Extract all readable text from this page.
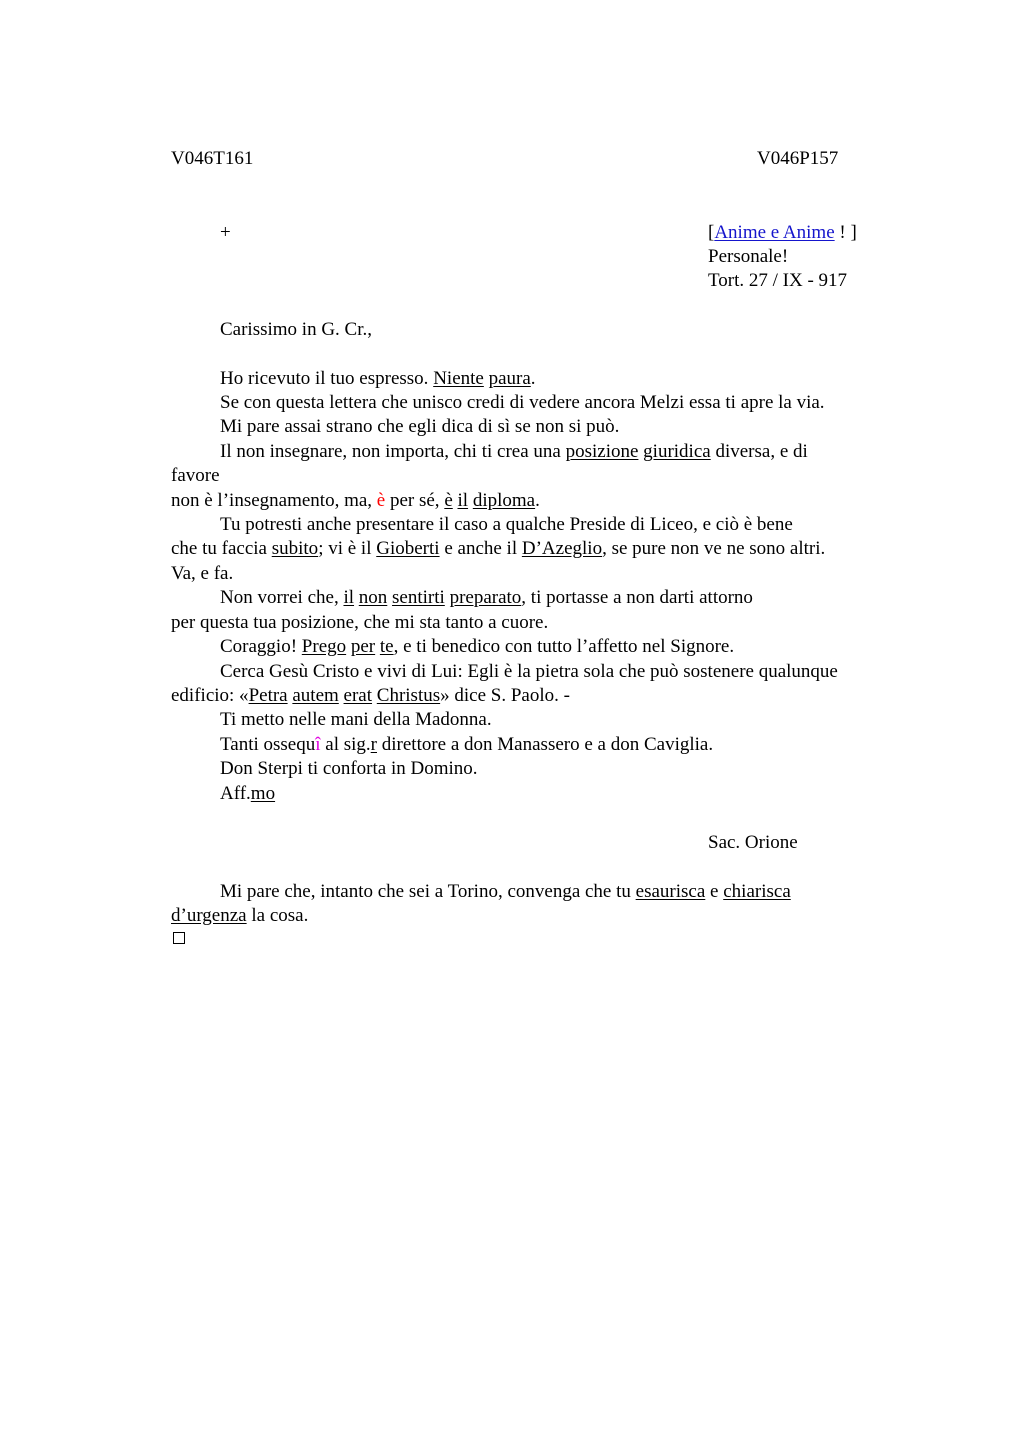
V046T161	V046P157
+	[Anime e Anime ! ]
Personale!
Tort. 27 / IX - 917
Carissimo in G. Cr.,
Ho ricevuto il tuo espresso. Niente paura.
Se con questa lettera che unisco credi di vedere ancora Melzi essa ti apre la via.
Mi pare assai strano che egli dica di sì se non si può.
Il non insegnare, non importa, chi ti crea una posizione giuridica diversa, e di
favore
non è l’insegnamento, ma, è per sé, è il diploma.
Tu potresti anche presentare il caso a qualche Preside di Liceo, e ciò è bene
che tu faccia subito; vi è il Gioberti e anche il D’Azeglio, se pure non ve ne sono altri.
Va, e fa.
Non vorrei che, il non sentirti preparato, ti portasse a non darti attorno
per questa tua posizione, che mi sta tanto a cuore.
Coraggio! Prego per te, e ti benedico con tutto l’affetto nel Signore.
Cerca Gesù Cristo e vivi di Lui: Egli è la pietra sola che può sostenere qualunque
edificio: «Petra autem erat Christus» dice S. Paolo. -
Ti metto nelle mani della Madonna.
Tanti ossequî al sig.r direttore a don Manassero e a don Caviglia.
Don Sterpi ti conforta in Domino.
Aff.mo
Sac. Orione
Mi pare che, intanto che sei a Torino, convenga che tu esaurisca e chiarisca
d’urgenza la cosa.
